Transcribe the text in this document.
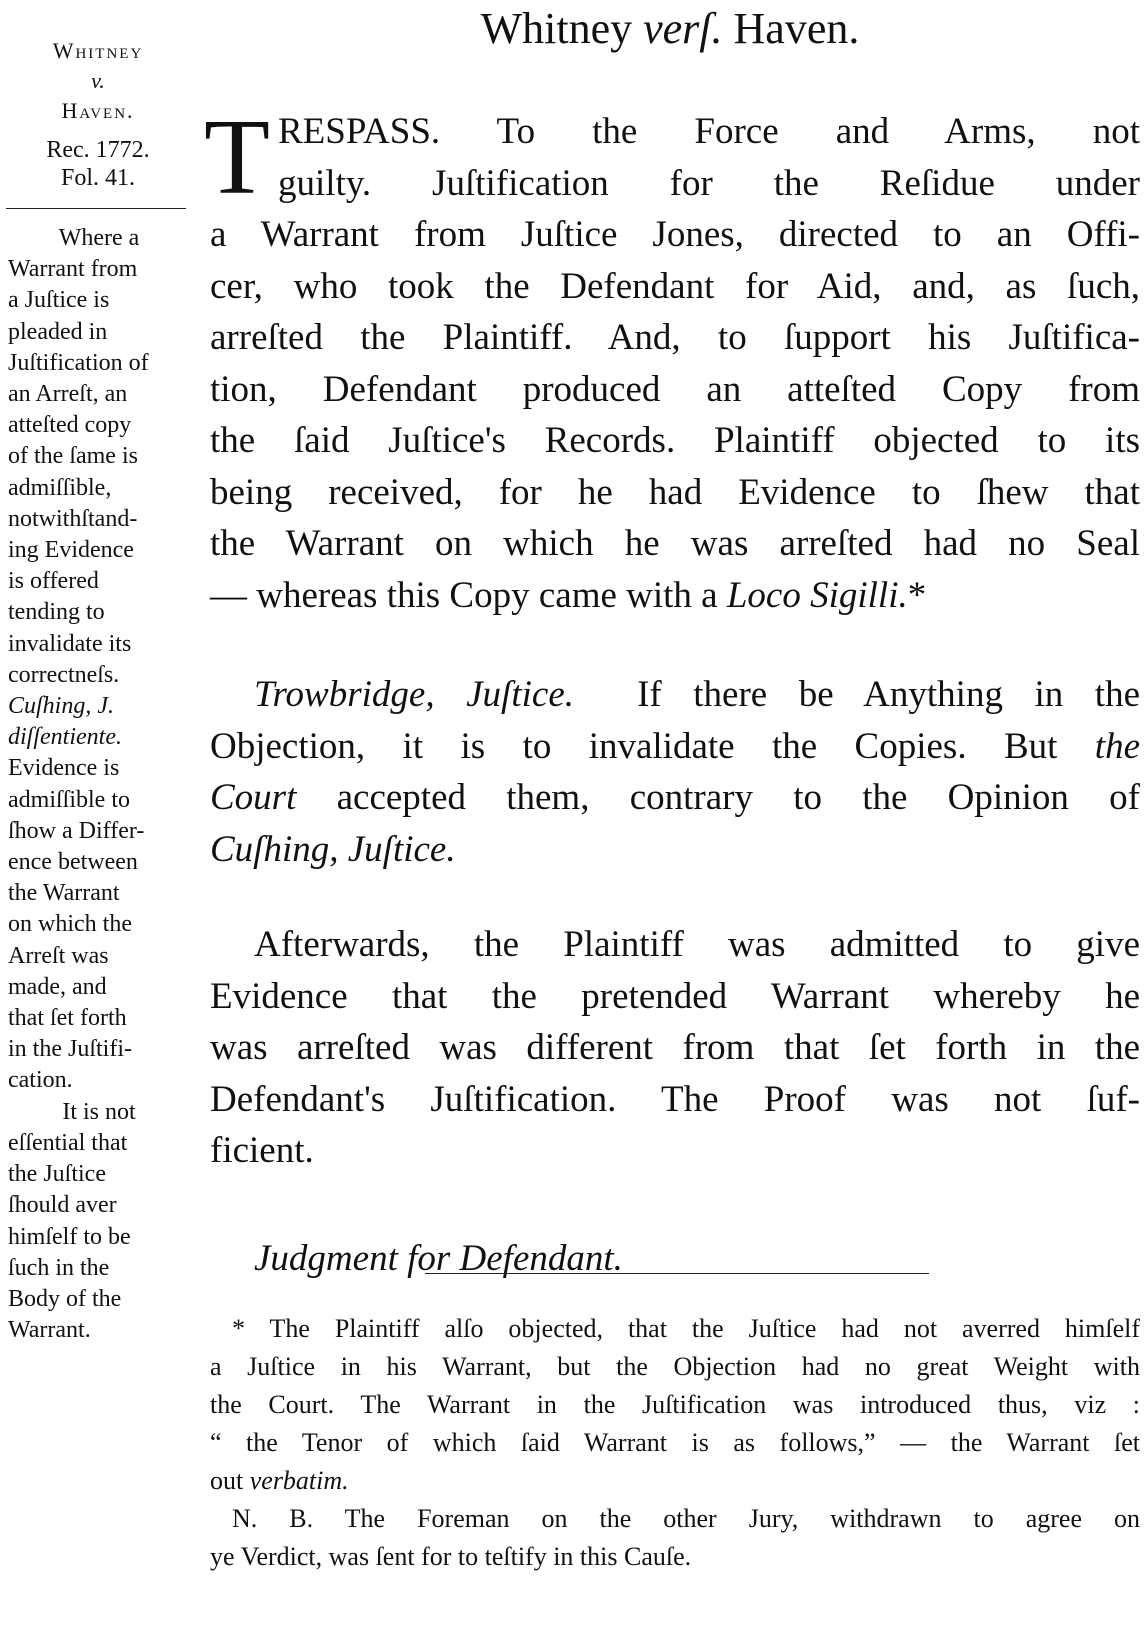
Whitney
v.
Haven.
Rec. 1772.
Fol. 41.
Where a
Warrant from
a Juſtice is
pleaded in
Juſtification of
an Arreſt, an
atteſted copy
of the ſame is
admiſſible,
notwithſtand-
ing Evidence
is offered
tending to
invalidate its
correctneſs.
Cuſhing, J.
diſſentiente.
Evidence is
admiſſible to
ſhow a Differ-
ence between
the Warrant
on which the
Arreſt was
made, and
that ſet forth
in the Juſtifi-
cation.
It is not
eſſential that
the Juſtice
ſhould aver
himſelf to be
ſuch in the
Body of the
Warrant.
Whitney verſ. Haven.
T RESPASS. To the Force and Arms, not
guilty. Juſtification for the Reſidue under
a Warrant from Juſtice Jones, directed to an Offi-
cer, who took the Defendant for Aid, and, as ſuch,
arreſted the Plaintiff. And, to ſupport his Juſtifica-
tion, Defendant produced an atteſted Copy from
the ſaid Juſtice's Records. Plaintiff objected to its
being received, for he had Evidence to ſhew that
the Warrant on which he was arreſted had no Seal
— whereas this Copy came with a Loco Sigilli.*
Trowbridge, Juſtice. If there be Anything in the
Objection, it is to invalidate the Copies. But the
Court accepted them, contrary to the Opinion of
Cuſhing, Juſtice.
Afterwards, the Plaintiff was admitted to give
Evidence that the pretended Warrant whereby he
was arreſted was different from that ſet forth in the
Defendant's Juſtification. The Proof was not ſuf-
ficient.
Judgment for Defendant.
* The Plaintiff alſo objected, that the Juſtice had not averred himſelf
a Juſtice in his Warrant, but the Objection had no great Weight with
the Court. The Warrant in the Juſtification was introduced thus, viz :
“ the Tenor of which ſaid Warrant is as follows,” — the Warrant ſet
out verbatim.
N. B. The Foreman on the other Jury, withdrawn to agree on
ye Verdict, was ſent for to teſtify in this Cauſe.
